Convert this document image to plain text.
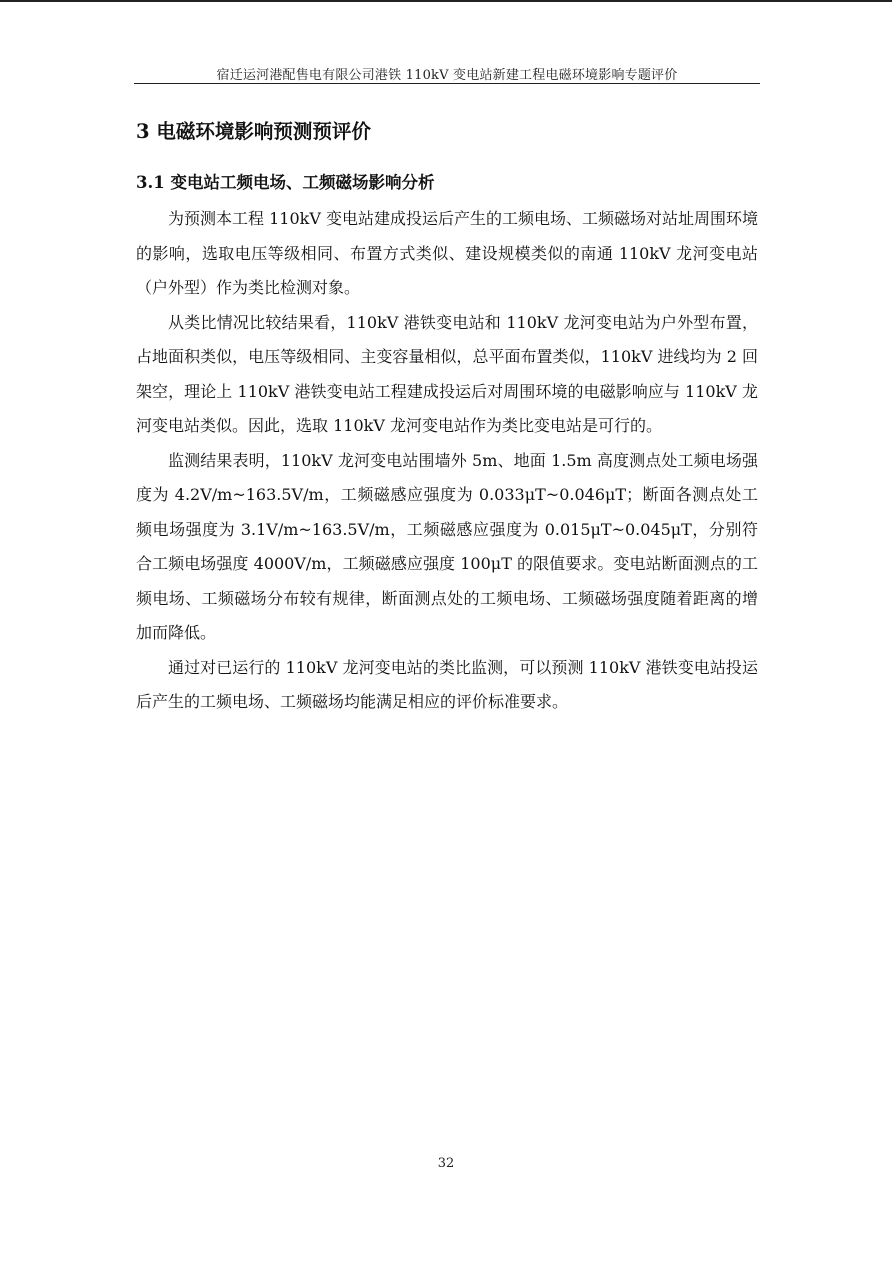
宿迁运河港配售电有限公司港铁 110kV 变电站新建工程电磁环境影响专题评价
3 电磁环境影响预测预评价
3.1 变电站工频电场、工频磁场影响分析

为预测本工程 110kV 变电站建成投运后产生的工频电场、工频磁场对站址周围环境的影响，选取电压等级相同、布置方式类似、建设规模类似的南通 110kV 龙河变电站（户外型）作为类比检测对象。

从类比情况比较结果看，110kV 港铁变电站和 110kV 龙河变电站为户外型布置，占地面积类似，电压等级相同、主变容量相似，总平面布置类似，110kV 进线均为 2 回架空，理论上 110kV 港铁变电站工程建成投运后对周围环境的电磁影响应与 110kV 龙河变电站类似。因此，选取 110kV 龙河变电站作为类比变电站是可行的。

监测结果表明，110kV 龙河变电站围墙外 5m、地面 1.5m 高度测点处工频电场强度为 4.2V/m~163.5V/m，工频磁感应强度为 0.033μT~0.046μT；断面各测点处工频电场强度为 3.1V/m~163.5V/m，工频磁感应强度为 0.015μT~0.045μT，分别符合工频电场强度 4000V/m，工频磁感应强度 100μT 的限值要求。变电站断面测点的工频电场、工频磁场分布较有规律，断面测点处的工频电场、工频磁场强度随着距离的增加而降低。

通过对已运行的 110kV 龙河变电站的类比监测，可以预测 110kV 港铁变电站投运后产生的工频电场、工频磁场均能满足相应的评价标准要求。

32
